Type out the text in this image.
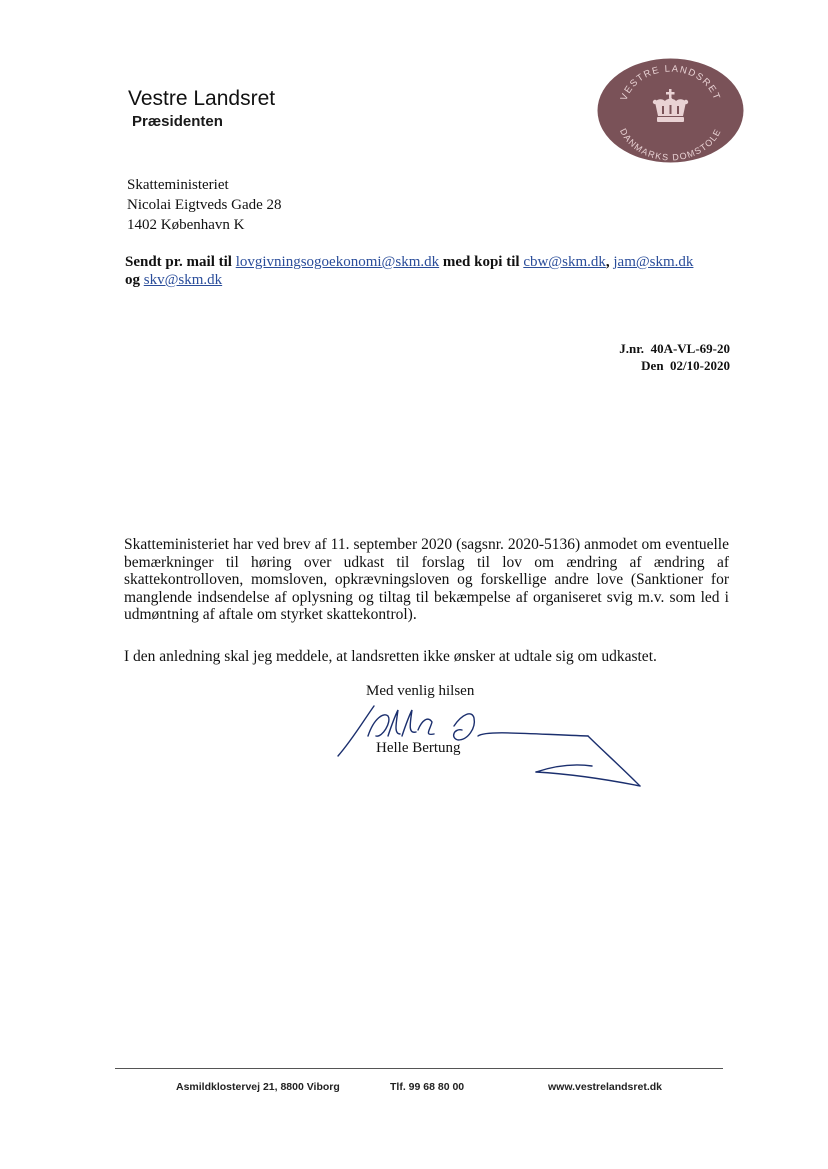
Vestre Landsret
Præsidenten
VESTRE LANDSRET
DANMARKS DOMSTOLE
Skatteministeriet
Nicolai Eigtveds Gade 28
1402 København K
Sendt pr. mail til lovgivningsogoekonomi@skm.dk med kopi til cbw@skm.dk, jam@skm.dk
og skv@skm.dk
J.nr. 40A-VL-69-20
Den 02/10-2020
Skatteministeriet har ved brev af 11. september 2020 (sagsnr. 2020-5136) anmodet om eventuelle bemærkninger til høring over udkast til forslag til lov om ændring af ændring af skattekontrolloven, momsloven, opkrævningsloven og forskellige andre love (Sanktioner for manglende indsendelse af oplysning og tiltag til bekæmpelse af organiseret svig m.v. som led i udmøntning af aftale om styrket skattekontrol).
I den anledning skal jeg meddele, at landsretten ikke ønsker at udtale sig om udkastet.
Med venlig hilsen
Helle Bertung
Asmildklostervej 21, 8800 Viborg	Tlf. 99 68 80 00	www.vestrelandsret.dk
